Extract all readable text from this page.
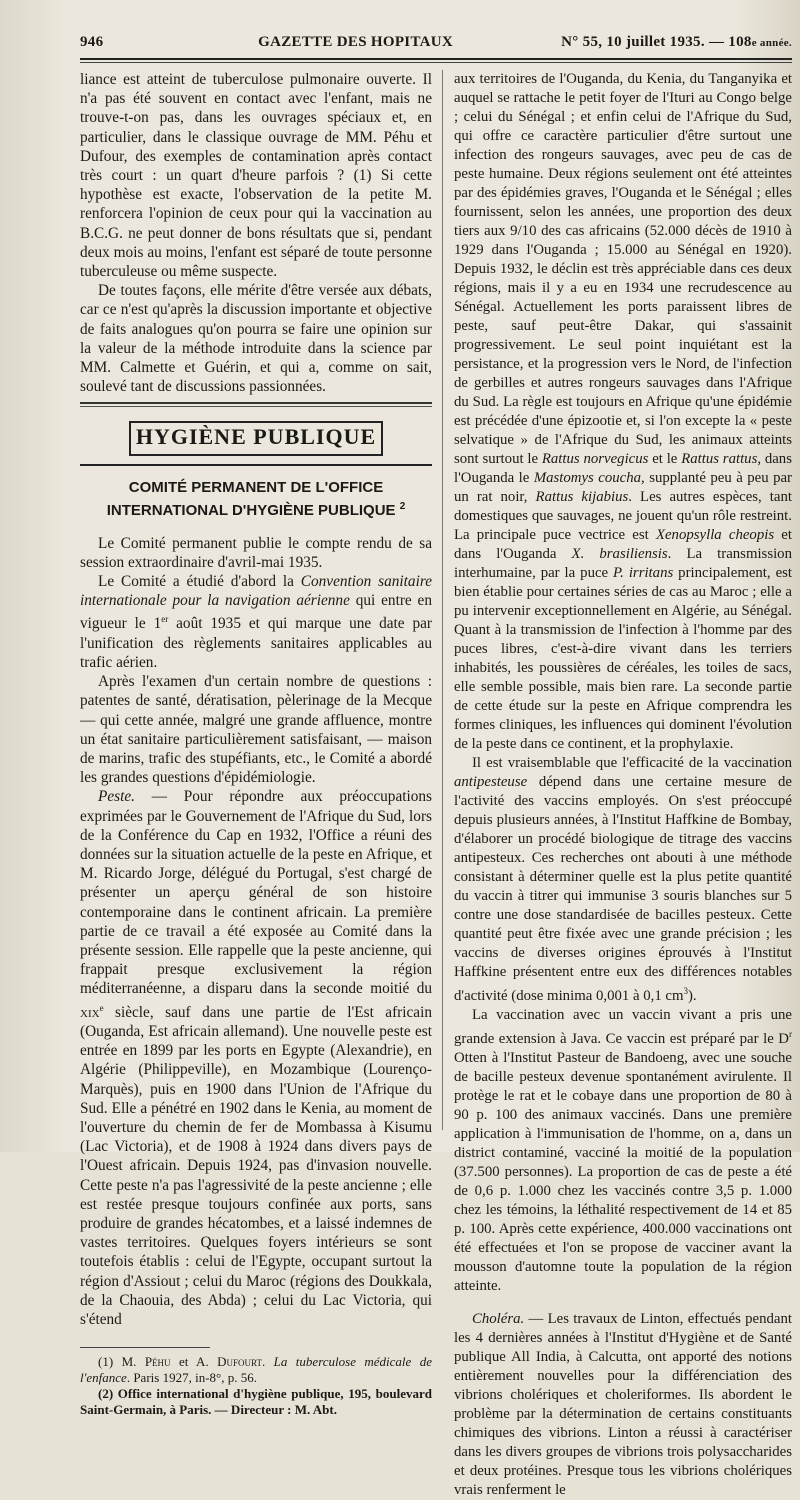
946	GAZETTE DES HOPITAUX	N° 55, 10 juillet 1935. — 108e année.

liance est atteint de tuberculose pulmonaire ouverte. Il n'a pas été souvent en contact avec l'enfant, mais ne trouve-t-on pas, dans les ouvrages spéciaux et, en particulier, dans le classique ouvrage de MM. Péhu et Dufour, des exemples de contamination après contact très court : un quart d'heure parfois ? (1) Si cette hypothèse est exacte, l'observation de la petite M. renforcera l'opinion de ceux pour qui la vaccination au B.C.G. ne peut donner de bons résultats que si, pendant deux mois au moins, l'enfant est séparé de toute personne tuberculeuse ou même suspecte.

De toutes façons, elle mérite d'être versée aux débats, car ce n'est qu'après la discussion importante et objective de faits analogues qu'on pourra se faire une opinion sur la valeur de la méthode introduite dans la science par MM. Calmette et Guérin, et qui a, comme on sait, soulevé tant de discussions passionnées.

HYGIÈNE PUBLIQUE
COMITÉ PERMANENT DE L'OFFICE
INTERNATIONAL D'HYGIÈNE PUBLIQUE $^2$

Le Comité permanent publie le compte rendu de sa session extraordinaire d'avril-mai 1935.

Le Comité a étudié d'abord la Convention sanitaire internationale pour la navigation aérienne qui entre en vigueur le 1er août 1935 et qui marque une date par l'unification des règlements sanitaires applicables au trafic aérien.

Après l'examen d'un certain nombre de questions : patentes de santé, dératisation, pèlerinage de la Mecque — qui cette année, malgré une grande affluence, montre un état sanitaire particulièrement satisfaisant, — maison de marins, trafic des stupéfiants, etc., le Comité a abordé les grandes questions d'épidémiologie.

Peste. — Pour répondre aux préoccupations exprimées par le Gouvernement de l'Afrique du Sud, lors de la Conférence du Cap en 1932, l'Office a réuni des données sur la situation actuelle de la peste en Afrique, et M. Ricardo Jorge, délégué du Portugal, s'est chargé de présenter un aperçu général de son histoire contemporaine dans le continent africain. La première partie de ce travail a été exposée au Comité dans la présente session. Elle rappelle que la peste ancienne, qui frappait presque exclusivement la région méditerranéenne, a disparu dans la seconde moitié du xix$^e$ siècle, sauf dans une partie de l'Est africain (Ouganda, Est africain allemand). Une nouvelle peste est entrée en 1899 par les ports en Egypte (Alexandrie), en Algérie (Philippeville), en Mozambique (Lourenço-Marquès), puis en 1900 dans l'Union de l'Afrique du Sud. Elle a pénétré en 1902 dans le Kenia, au moment de l'ouverture du chemin de fer de Mombassa à Kisumu (Lac Victoria), et de 1908 à 1924 dans divers pays de l'Ouest africain. Depuis 1924, pas d'invasion nouvelle. Cette peste n'a pas l'agressivité de la peste ancienne ; elle est restée presque toujours confinée aux ports, sans produire de grandes hécatombes, et a laissé indemnes de vastes territoires. Quelques foyers intérieurs se sont toutefois établis : celui de l'Egypte, occupant surtout la région d'Assiout ; celui du Maroc (régions des Doukkala, de la Chaouia, des Abda) ; celui du Lac Victoria, qui s'étend

(1) M. Péhu et A. Dufourt. La tuberculose médicale de l'enfance. Paris 1927, in-8°, p. 56.

(2) Office international d'hygiène publique, 195, boulevard Saint-Germain, à Paris. — Directeur : M. Abt.

aux territoires de l'Ouganda, du Kenia, du Tanganyika et auquel se rattache le petit foyer de l'Ituri au Congo belge ; celui du Sénégal ; et enfin celui de l'Afrique du Sud, qui offre ce caractère particulier d'être surtout une infection des rongeurs sauvages, avec peu de cas de peste humaine. Deux régions seulement ont été atteintes par des épidémies graves, l'Ouganda et le Sénégal ; elles fournissent, selon les années, une proportion des deux tiers aux 9/10 des cas africains (52.000 décès de 1910 à 1929 dans l'Ouganda ; 15.000 au Sénégal en 1920). Depuis 1932, le déclin est très appréciable dans ces deux régions, mais il y a eu en 1934 une recrudescence au Sénégal. Actuellement les ports paraissent libres de peste, sauf peut-être Dakar, qui s'assainit progressivement. Le seul point inquiétant est la persistance, et la progression vers le Nord, de l'infection de gerbilles et autres rongeurs sauvages dans l'Afrique du Sud. La règle est toujours en Afrique qu'une épidémie est précédée d'une épizootie et, si l'on excepte la « peste selvatique » de l'Afrique du Sud, les animaux atteints sont surtout le Rattus norvegicus et le Rattus rattus, dans l'Ouganda le Mastomys coucha, supplanté peu à peu par un rat noir, Rattus kijabius. Les autres espèces, tant domestiques que sauvages, ne jouent qu'un rôle restreint. La principale puce vectrice est Xenopsylla cheopis et dans l'Ouganda X. brasiliensis. La transmission interhumaine, par la puce P. irritans principalement, est bien établie pour certaines séries de cas au Maroc ; elle a pu intervenir exceptionnellement en Algérie, au Sénégal. Quant à la transmission de l'infection à l'homme par des puces libres, c'est-à-dire vivant dans les terriers inhabités, les poussières de céréales, les toiles de sacs, elle semble possible, mais bien rare. La seconde partie de cette étude sur la peste en Afrique comprendra les formes cliniques, les influences qui dominent l'évolution de la peste dans ce continent, et la prophylaxie.

Il est vraisemblable que l'efficacité de la vaccination antipesteuse dépend dans une certaine mesure de l'activité des vaccins employés. On s'est préoccupé depuis plusieurs années, à l'Institut Haffkine de Bombay, d'élaborer un procédé biologique de titrage des vaccins antipesteux. Ces recherches ont abouti à une méthode consistant à déterminer quelle est la plus petite quantité du vaccin à titrer qui immunise 3 souris blanches sur 5 contre une dose standardisée de bacilles pesteux. Cette quantité peut être fixée avec une grande précision ; les vaccins de diverses origines éprouvés à l'Institut Haffkine présentent entre eux des différences notables d'activité (dose minima 0,001 à 0,1 $cm^3$).

La vaccination avec un vaccin vivant a pris une grande extension à Java. Ce vaccin est préparé par le $D^r$ Otten à l'Institut Pasteur de Bandoeng, avec une souche de bacille pesteux devenue spontanément avirulente. Il protège le rat et le cobaye dans une proportion de 80 à 90 p. 100 des animaux vaccinés. Dans une première application à l'immunisation de l'homme, on a, dans un district contaminé, vacciné la moitié de la population (37.500 personnes). La proportion de cas de peste a été de 0,6 p. 1.000 chez les vaccinés contre 3,5 p. 1.000 chez les témoins, la léthalité respectivement de 14 et 85 p. 100. Après cette expérience, 400.000 vaccinations ont été effectuées et l'on se propose de vacciner avant la mousson d'automne toute la population de la région atteinte.

Choléra. — Les travaux de Linton, effectués pendant les 4 dernières années à l'Institut d'Hygiène et de Santé publique All India, à Calcutta, ont apporté des notions entièrement nouvelles pour la différenciation des vibrions cholériques et choleriformes. Ils abordent le problème par la détermination de certains constituants chimiques des vibrions. Linton a réussi à caractériser dans les divers groupes de vibrions trois polysaccharides et deux protéines. Presque tous les vibrions cholériques vrais renferment le
